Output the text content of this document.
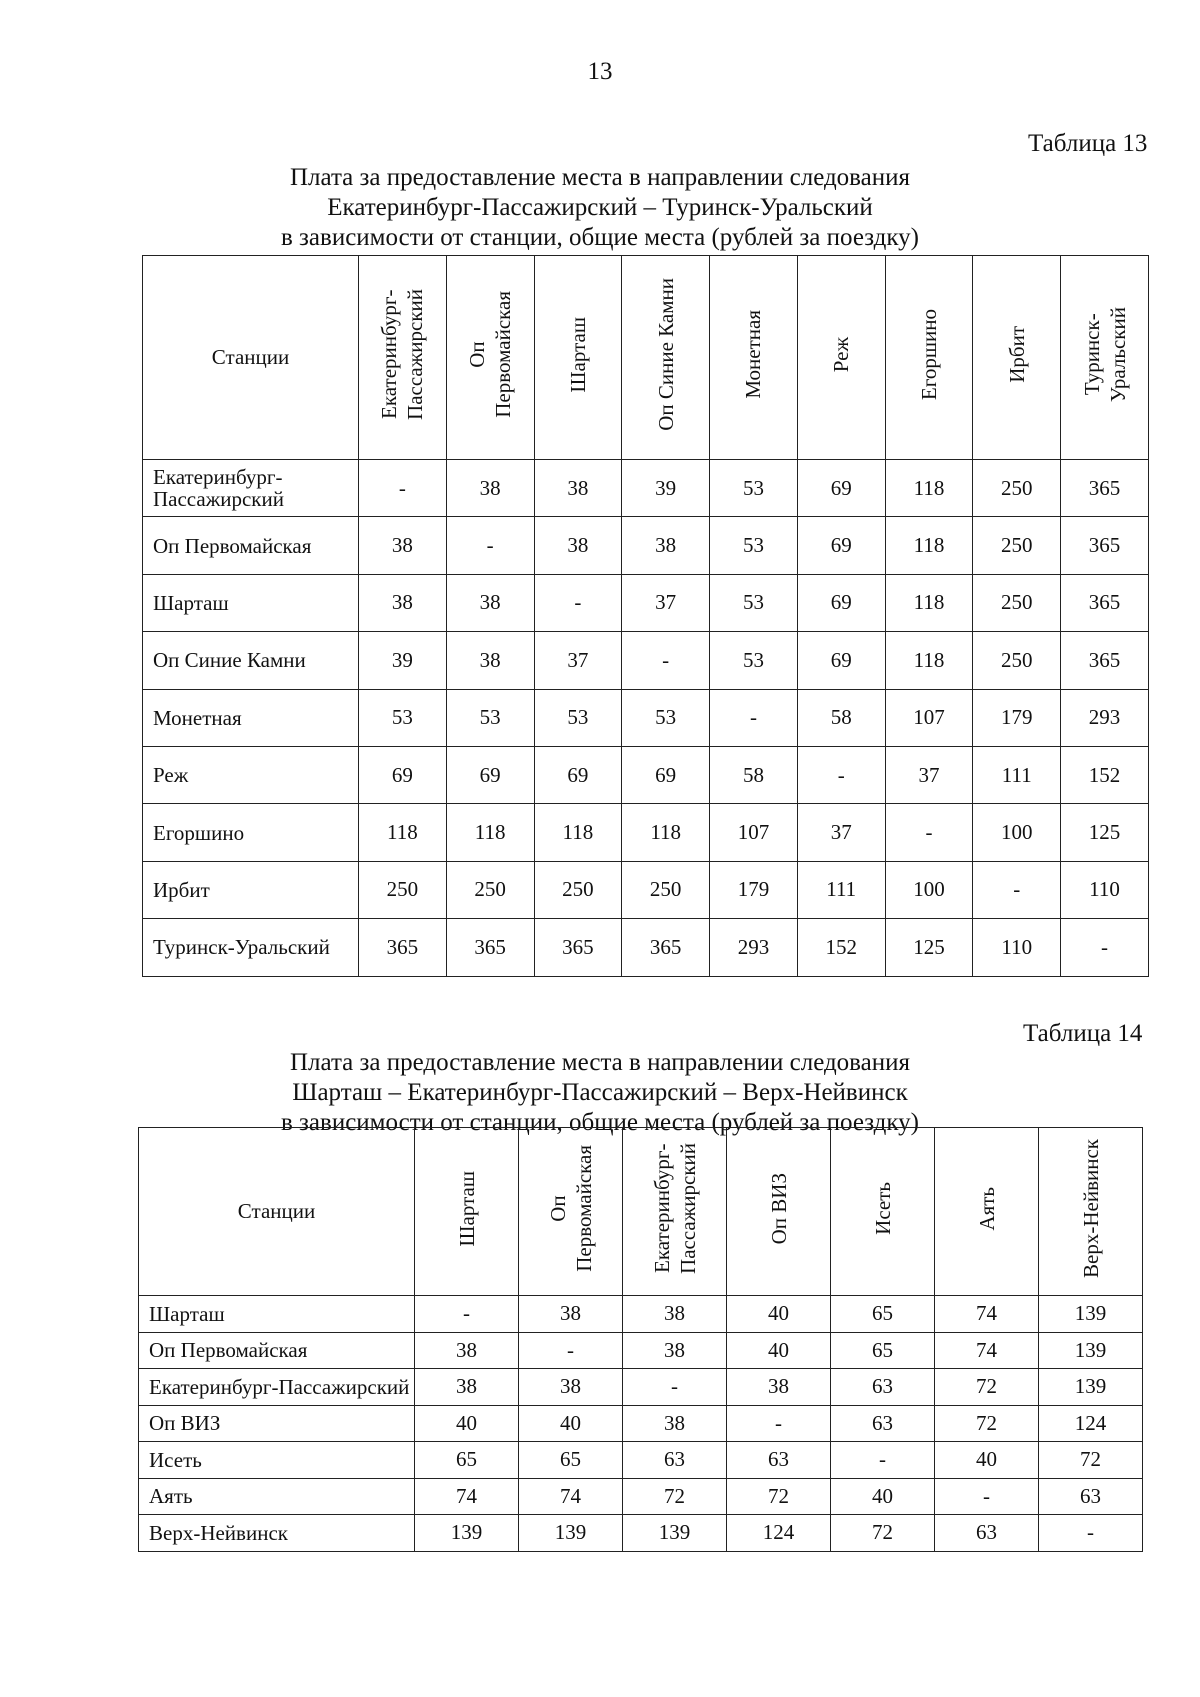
13
Таблица 13
Плата за предоставление места в направлении следования
Екатеринбург-Пассажирский – Туринск-Уральский
в зависимости от станции, общие места (рублей за поездку)
Станции	Екатеринбург- Пассажирский	Оп Первомайская	Шарташ	Оп Синие Камни	Монетная	Реж	Егоршино	Ирбит	Туринск- Уральский

Екатеринбург-Пассажирский	-	38	38	39	53	69	118	250	365
Оп Первомайская	38	-	38	38	53	69	118	250	365
Шарташ	38	38	-	37	53	69	118	250	365
Оп Синие Камни	39	38	37	-	53	69	118	250	365
Монетная	53	53	53	53	-	58	107	179	293
Реж	69	69	69	69	58	-	37	111	152
Егоршино	118	118	118	118	107	37	-	100	125
Ирбит	250	250	250	250	179	111	100	-	110
Туринск-Уральский	365	365	365	365	293	152	125	110	-
Таблица 14
Плата за предоставление места в направлении следования
Шарташ – Екатеринбург-Пассажирский – Верх-Нейвинск
в зависимости от станции, общие места (рублей за поездку)
Станции	Шарташ	Оп Первомайская	Екатеринбург- Пассажирский	Оп ВИЗ	Исеть	Аять	Верх-Нейвинск

Шарташ	-	38	38	40	65	74	139
Оп Первомайская	38	-	38	40	65	74	139
Екатеринбург-Пассажирский	38	38	-	38	63	72	139
Оп ВИЗ	40	40	38	-	63	72	124
Исеть	65	65	63	63	-	40	72
Аять	74	74	72	72	40	-	63
Верх-Нейвинск	139	139	139	124	72	63	-
